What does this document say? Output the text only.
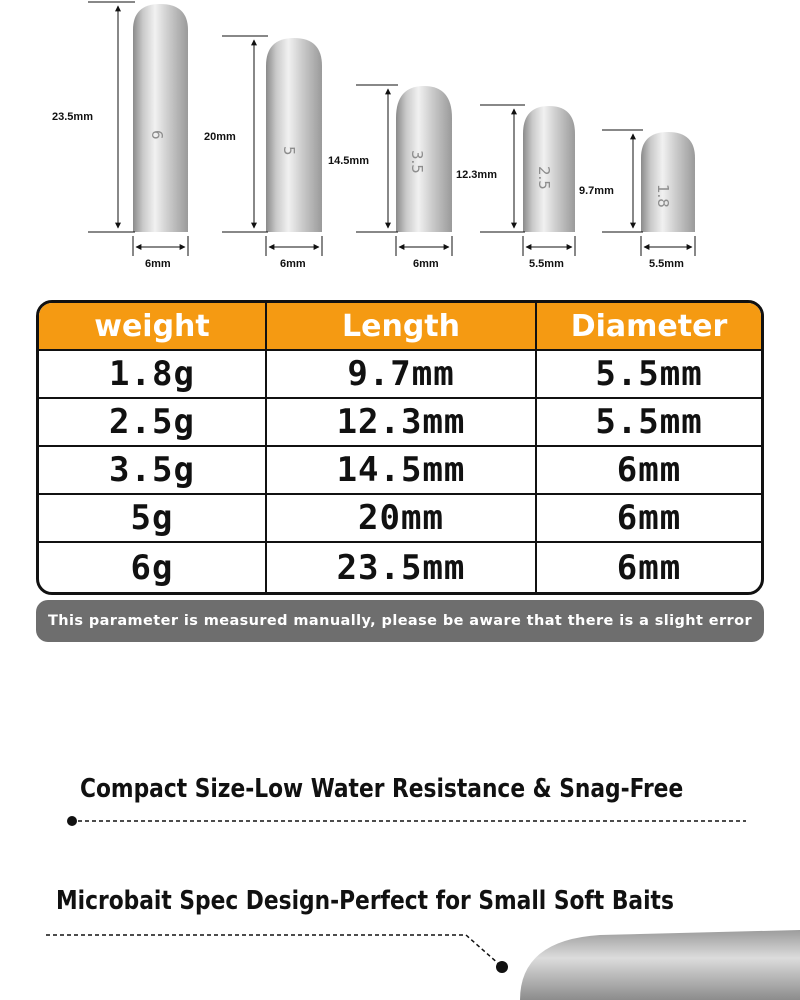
6
23.5mm
6mm
5
20mm
6mm
3.5
14.5mm
6mm
2.5
12.3mm
5.5mm
1.8
9.7mm
5.5mm
weight	Length	Diameter
1.8g	9.7mm	5.5mm
2.5g	12.3mm	5.5mm
3.5g	14.5mm	6mm
5g	20mm	6mm
6g	23.5mm	6mm
This parameter is measured manually, please be aware that there is a slight error
Compact Size-Low Water Resistance & Snag-Free
Microbait Spec Design-Perfect for Small Soft Baits
